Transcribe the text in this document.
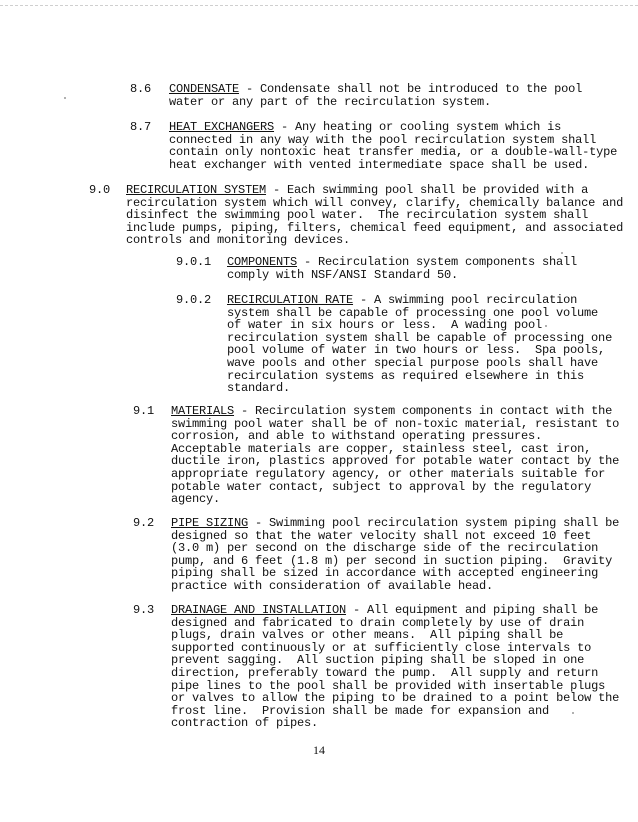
8.6

CONDENSATE - Condensate shall not be introduced to the pool
water or any part of the recirculation system.

8.7

HEAT EXCHANGERS - Any heating or cooling system which is
connected in any way with the pool recirculation system shall
contain only nontoxic heat transfer media, or a double-wall-type
heat exchanger with vented intermediate space shall be used.

9.0

RECIRCULATION SYSTEM - Each swimming pool shall be provided with a

recirculation system which will convey, clarify, chemically balance and
disinfect the swimming pool water.  The recirculation system shall
include pumps, piping, filters, chemical feed equipment, and associated
controls and monitoring devices.

9.0.1

COMPONENTS - Recirculation system components shall
comply with NSF/ANSI Standard 50.

9.0.2

RECIRCULATION RATE - A swimming pool recirculation
system shall be capable of processing one pool volume
of water in six hours or less.  A wading pool
recirculation system shall be capable of processing one
pool volume of water in two hours or less.  Spa pools,
wave pools and other special purpose pools shall have
recirculation systems as required elsewhere in this
standard.

9.1

MATERIALS - Recirculation system components in contact with the
swimming pool water shall be of non-toxic material, resistant to
corrosion, and able to withstand operating pressures.
Acceptable materials are copper, stainless steel, cast iron,
ductile iron, plastics approved for potable water contact by the
appropriate regulatory agency, or other materials suitable for
potable water contact, subject to approval by the regulatory
agency.

9.2

PIPE SIZING - Swimming pool recirculation system piping shall be
designed so that the water velocity shall not exceed 10 feet
(3.0 m) per second on the discharge side of the recirculation
pump, and 6 feet (1.8 m) per second in suction piping.  Gravity
piping shall be sized in accordance with accepted engineering
practice with consideration of available head.

9.3

DRAINAGE AND INSTALLATION - All equipment and piping shall be
designed and fabricated to drain completely by use of drain
plugs, drain valves or other means.  All piping shall be
supported continuously or at sufficiently close intervals to
prevent sagging.  All suction piping shall be sloped in one
direction, preferably toward the pump.  All supply and return
pipe lines to the pool shall be provided with insertable plugs
or valves to allow the piping to be drained to a point below the
frost line.  Provision shall be made for expansion and
contraction of pipes.

14
